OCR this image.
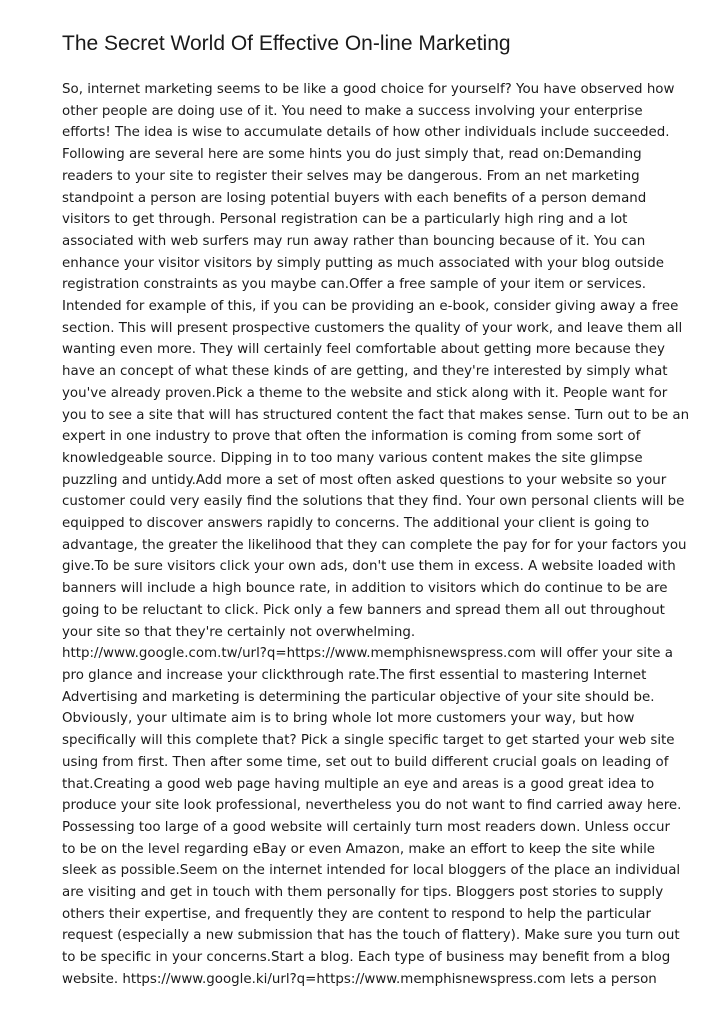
The Secret World Of Effective On-line Marketing
So, internet marketing seems to be like a good choice for yourself? You have observed how
other people are doing use of it. You need to make a success involving your enterprise
efforts! The idea is wise to accumulate details of how other individuals include succeeded.
Following are several here are some hints you do just simply that, read on:Demanding
readers to your site to register their selves may be dangerous. From an net marketing
standpoint a person are losing potential buyers with each benefits of a person demand
visitors to get through. Personal registration can be a particularly high ring and a lot
associated with web surfers may run away rather than bouncing because of it. You can
enhance your visitor visitors by simply putting as much associated with your blog outside
registration constraints as you maybe can.Offer a free sample of your item or services.
Intended for example of this, if you can be providing an e-book, consider giving away a free
section. This will present prospective customers the quality of your work, and leave them all
wanting even more. They will certainly feel comfortable about getting more because they
have an concept of what these kinds of are getting, and they're interested by simply what
you've already proven.Pick a theme to the website and stick along with it. People want for
you to see a site that will has structured content the fact that makes sense. Turn out to be an
expert in one industry to prove that often the information is coming from some sort of
knowledgeable source. Dipping in to too many various content makes the site glimpse
puzzling and untidy.Add more a set of most often asked questions to your website so your
customer could very easily find the solutions that they find. Your own personal clients will be
equipped to discover answers rapidly to concerns. The additional your client is going to
advantage, the greater the likelihood that they can complete the pay for for your factors you
give.To be sure visitors click your own ads, don't use them in excess. A website loaded with
banners will include a high bounce rate, in addition to visitors which do continue to be are
going to be reluctant to click. Pick only a few banners and spread them all out throughout
your site so that they're certainly not overwhelming.
http://www.google.com.tw/url?q=https://www.memphisnewspress.com will offer your site a
pro glance and increase your clickthrough rate.The first essential to mastering Internet
Advertising and marketing is determining the particular objective of your site should be.
Obviously, your ultimate aim is to bring whole lot more customers your way, but how
specifically will this complete that? Pick a single specific target to get started your web site
using from first. Then after some time, set out to build different crucial goals on leading of
that.Creating a good web page having multiple an eye and areas is a good great idea to
produce your site look professional, nevertheless you do not want to find carried away here.
Possessing too large of a good website will certainly turn most readers down. Unless occur
to be on the level regarding eBay or even Amazon, make an effort to keep the site while
sleek as possible.Seem on the internet intended for local bloggers of the place an individual
are visiting and get in touch with them personally for tips. Bloggers post stories to supply
others their expertise, and frequently they are content to respond to help the particular
request (especially a new submission that has the touch of flattery). Make sure you turn out
to be specific in your concerns.Start a blog. Each type of business may benefit from a blog
website. https://www.google.ki/url?q=https://www.memphisnewspress.com lets a person
